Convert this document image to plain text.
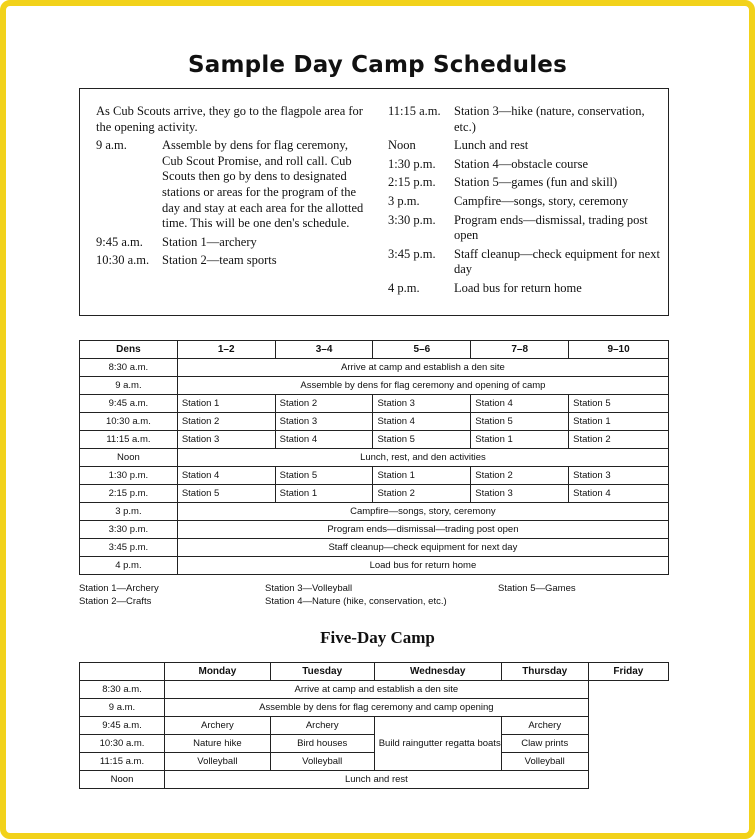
Sample Day Camp Schedules
As Cub Scouts arrive, they go to the flagpole area for the opening activity.
9 a.m.	Assemble by dens for flag ceremony, Cub Scout Promise, and roll call. Cub Scouts then go by dens to designated stations or areas for the program of the day and stay at each area for the allotted time. This will be one den's schedule.
9:45 a.m.	Station 1—archery
10:30 a.m.	Station 2—team sports
11:15 a.m.	Station 3—hike (nature, conservation, etc.)
Noon	Lunch and rest
1:30 p.m.	Station 4—obstacle course
2:15 p.m.	Station 5—games (fun and skill)
3 p.m.	Campfire—songs, story, ceremony
3:30 p.m.	Program ends—dismissal, trading post open
3:45 p.m.	Staff cleanup—check equipment for next day
4 p.m.	Load bus for return home
Dens	1–2	3–4	5–6	7–8	9–10
8:30 a.m.	Arrive at camp and establish a den site				
9 a.m.	Assemble by dens for flag ceremony and opening of camp				
9:45 a.m.	Station 1	Station 2	Station 3	Station 4	Station 5
10:30 a.m.	Station 2	Station 3	Station 4	Station 5	Station 1
11:15 a.m.	Station 3	Station 4	Station 5	Station 1	Station 2
Noon	Lunch, rest, and den activities				
1:30 p.m.	Station 4	Station 5	Station 1	Station 2	Station 3
2:15 p.m.	Station 5	Station 1	Station 2	Station 3	Station 4
3 p.m.	Campfire—songs, story, ceremony				
3:30 p.m.	Program ends—dismissal—trading post open				
3:45 p.m.	Staff cleanup—check equipment for next day				
4 p.m.	Load bus for return home				
Station 1—Archery
Station 2—Crafts
Station 3—Volleyball
Station 4—Nature (hike, conservation, etc.)
Station 5—Games
Five-Day Camp
	Monday	Tuesday	Wednesday	Thursday	Friday
8:30 a.m.	Arrive at camp and establish a den site				
9 a.m.	Assemble by dens for flag ceremony and camp opening				
9:45 a.m.	Archery	Archery	Build raingutter regatta boats	Archery	
10:30 a.m.	Nature hike	Bird houses		Claw prints	
11:15 a.m.	Volleyball	Volleyball		Volleyball	
Noon	Lunch and rest				
